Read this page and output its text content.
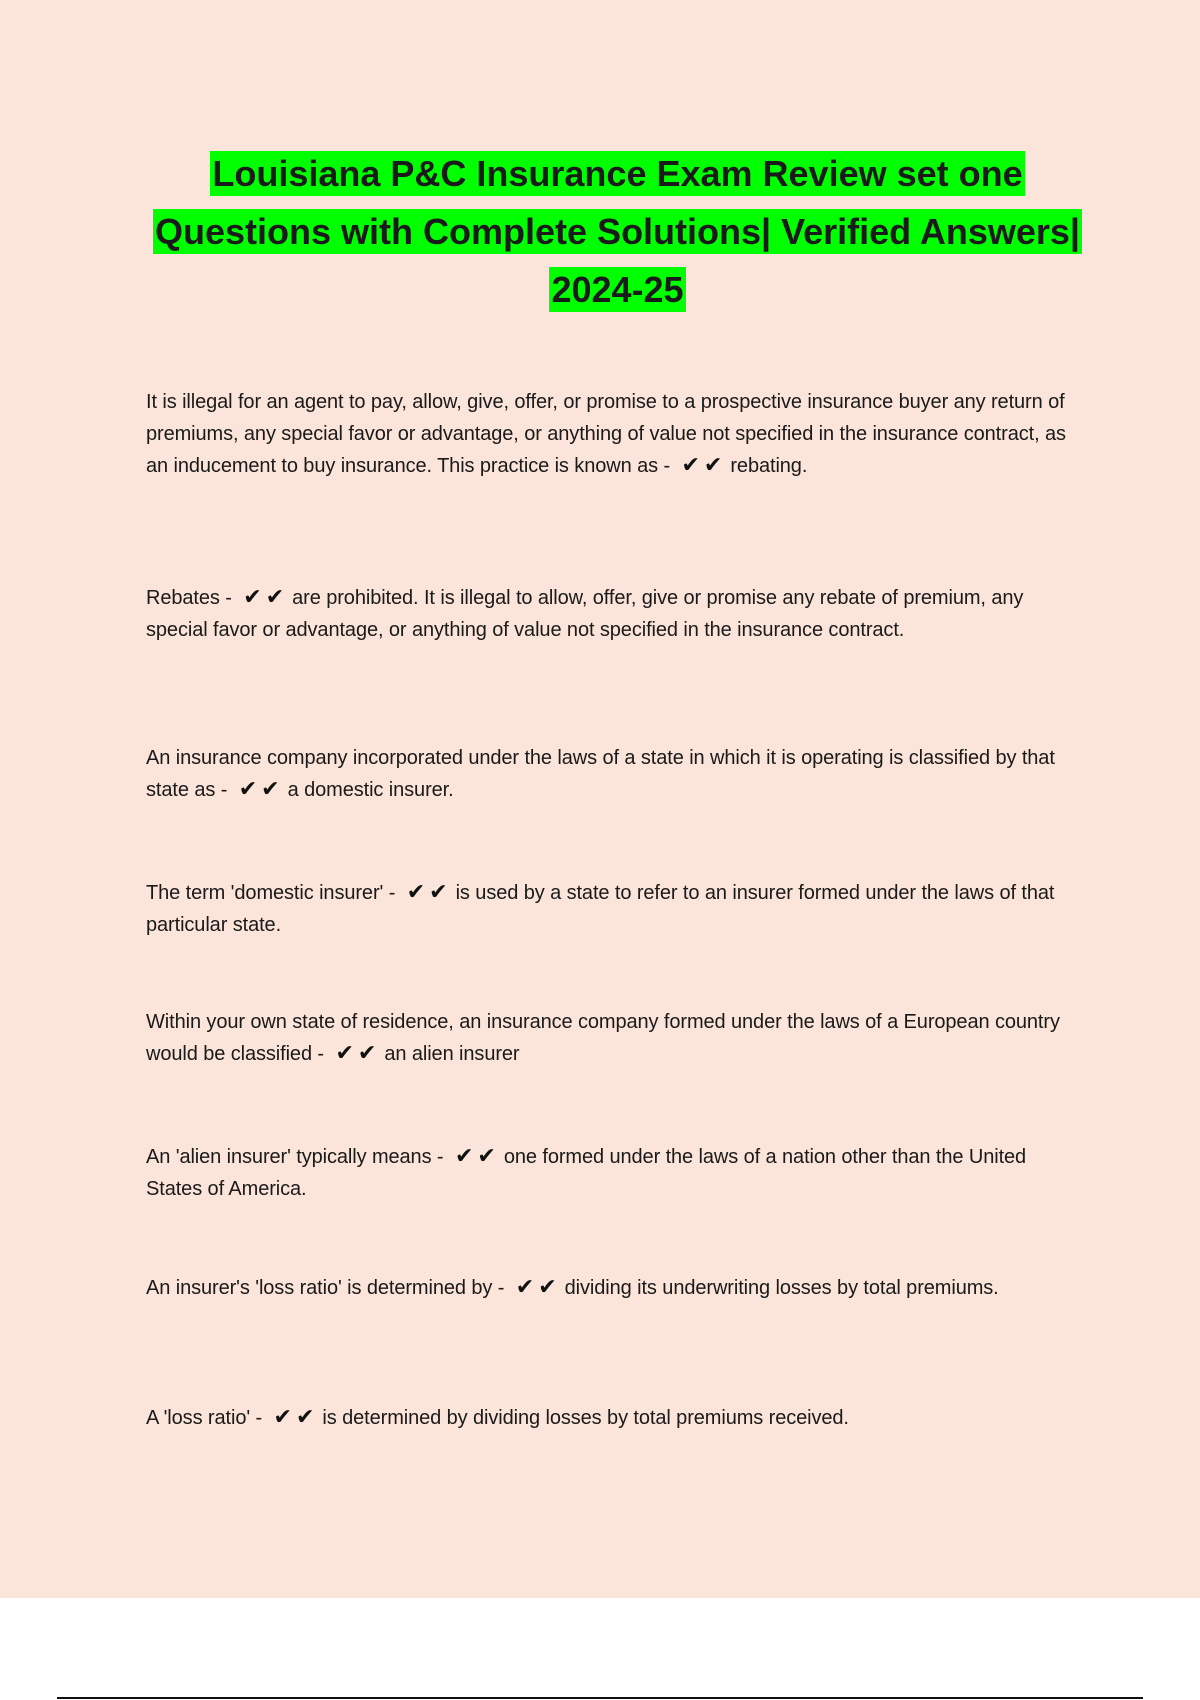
Louisiana P&C Insurance Exam Review set one Questions with Complete Solutions| Verified Answers| 2024-25

It is illegal for an agent to pay, allow, give, offer, or promise to a prospective insurance buyer any return of premiums, any special favor or advantage, or anything of value not specified in the insurance contract, as an inducement to buy insurance. This practice is known as - ✔✔ rebating.

Rebates - ✔✔ are prohibited. It is illegal to allow, offer, give or promise any rebate of premium, any special favor or advantage, or anything of value not specified in the insurance contract.

An insurance company incorporated under the laws of a state in which it is operating is classified by that state as - ✔✔ a domestic insurer.

The term 'domestic insurer' - ✔✔ is used by a state to refer to an insurer formed under the laws of that particular state.

Within your own state of residence, an insurance company formed under the laws of a European country would be classified - ✔✔ an alien insurer

An 'alien insurer' typically means - ✔✔ one formed under the laws of a nation other than the United States of America.

An insurer's 'loss ratio' is determined by - ✔✔ dividing its underwriting losses by total premiums.

A 'loss ratio' - ✔✔ is determined by dividing losses by total premiums received.
